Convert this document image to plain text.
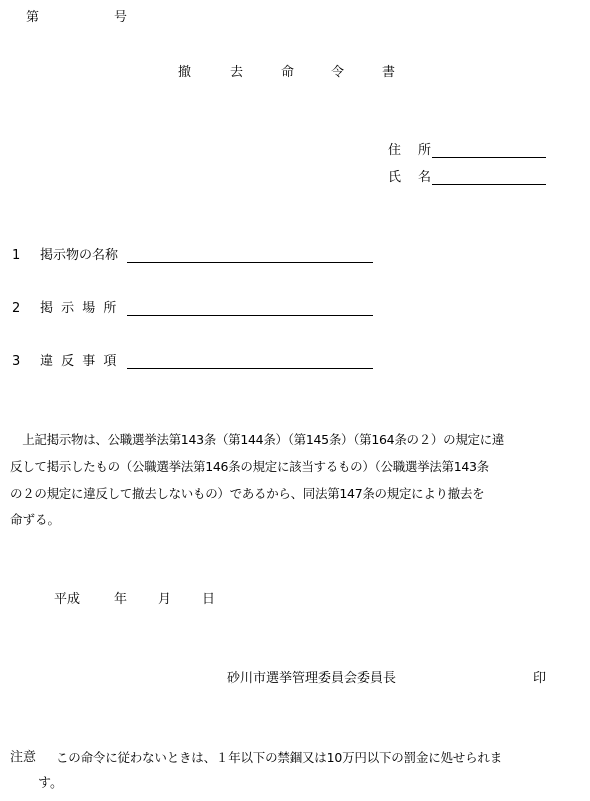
第	号
撤	去	命	令	書
住 所
氏 名
1 掲示物の名称
2 掲 示 場 所
3 違 反 事 項
　上記掲示物は、公職選挙法第143条（第144条）（第145条）（第164条の２）の規定に違
反して掲示したもの（公職選挙法第146条の規定に該当するもの）（公職選挙法第143条
の２の規定に違反して撤去しないもの）であるから、同法第147条の規定により撤去を
命ずる。
平成	年 月 日
砂川市選挙管理委員会委員長	印
注意 この命令に従わないときは、１年以下の禁錮又は10万円以下の罰金に処せられま
す。
